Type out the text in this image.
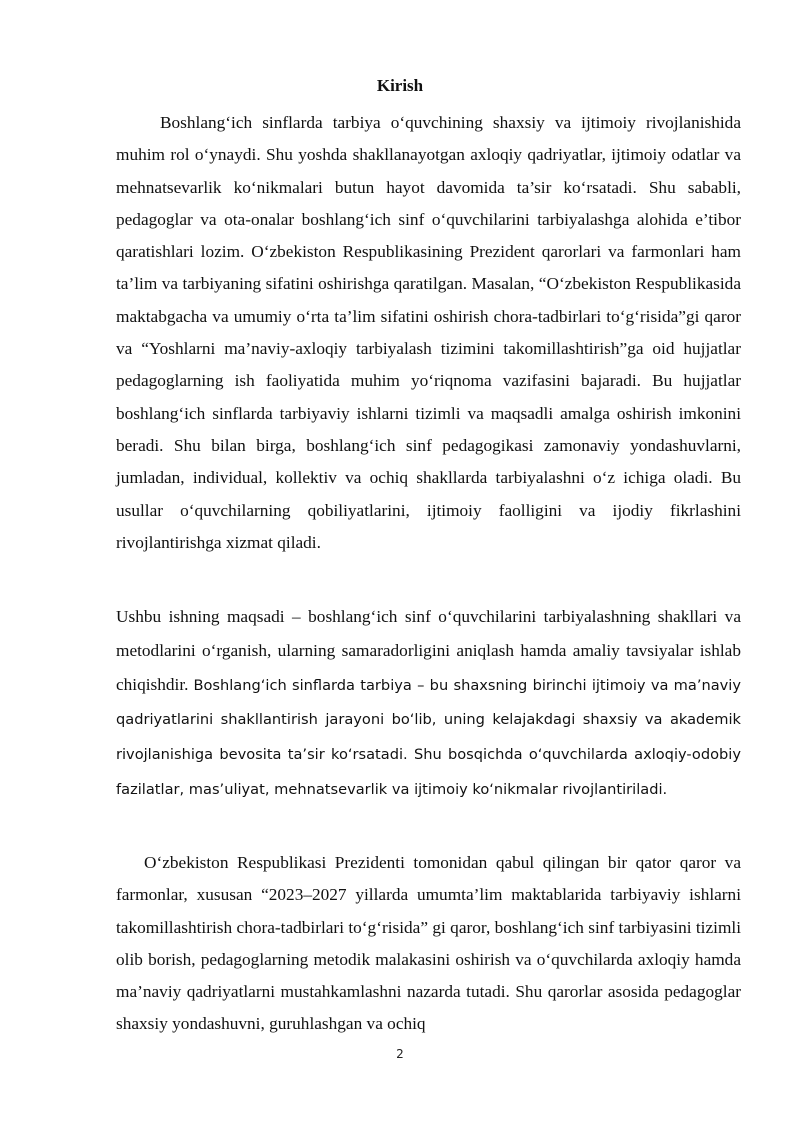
Kirish

Boshlang‘ich sinflarda tarbiya o‘quvchining shaxsiy va ijtimoiy rivojlanishida muhim rol o‘ynaydi. Shu yoshda shakllanayotgan axloqiy qadriyatlar, ijtimoiy odatlar va mehnatsevarlik ko‘nikmalari butun hayot davomida ta’sir ko‘rsatadi. Shu sababli, pedagoglar va ota-onalar boshlang‘ich sinf o‘quvchilarini tarbiyalashga alohida e’tibor qaratishlari lozim. O‘zbekiston Respublikasining Prezident qarorlari va farmonlari ham ta’lim va tarbiyaning sifatini oshirishga qaratilgan. Masalan, “O‘zbekiston Respublikasida maktabgacha va umumiy o‘rta ta’lim sifatini oshirish chora-tadbirlari to‘g‘risida”gi qaror va “Yoshlarni ma’naviy-axloqiy tarbiyalash tizimini takomillashtirish”ga oid hujjatlar pedagoglarning ish faoliyatida muhim yo‘riqnoma vazifasini bajaradi. Bu hujjatlar boshlang‘ich sinflarda tarbiyaviy ishlarni tizimli va maqsadli amalga oshirish imkonini beradi. Shu bilan birga, boshlang‘ich sinf pedagogikasi zamonaviy yondashuvlarni, jumladan, individual, kollektiv va ochiq shakllarda tarbiyalashni o‘z ichiga oladi. Bu usullar o‘quvchilarning qobiliyatlarini, ijtimoiy faolligini va ijodiy fikrlashini rivojlantirishga xizmat qiladi.

Ushbu ishning maqsadi – boshlang‘ich sinf o‘quvchilarini tarbiyalashning shakllari va metodlarini o‘rganish, ularning samaradorligini aniqlash hamda amaliy tavsiyalar ishlab chiqishdir. Boshlang‘ich sinflarda tarbiya – bu shaxsning birinchi ijtimoiy va ma’naviy qadriyatlarini shakllantirish jarayoni bo‘lib, uning kelajakdagi shaxsiy va akademik rivojlanishiga bevosita ta’sir ko‘rsatadi. Shu bosqichda o‘quvchilarda axloqiy-odobiy fazilatlar, mas’uliyat, mehnatsevarlik va ijtimoiy ko‘nikmalar rivojlantiriladi.

O‘zbekiston Respublikasi Prezidenti tomonidan qabul qilingan bir qator qaror va farmonlar, xususan “2023–2027 yillarda umumta’lim maktablarida tarbiyaviy ishlarni takomillashtirish chora-tadbirlari to‘g‘risida” gi qaror, boshlang‘ich sinf tarbiyasini tizimli olib borish, pedagoglarning metodik malakasini oshirish va o‘quvchilarda axloqiy hamda ma’naviy qadriyatlarni mustahkamlashni nazarda tutadi. Shu qarorlar asosida pedagoglar shaxsiy yondashuvni, guruhlashgan va ochiq

2
